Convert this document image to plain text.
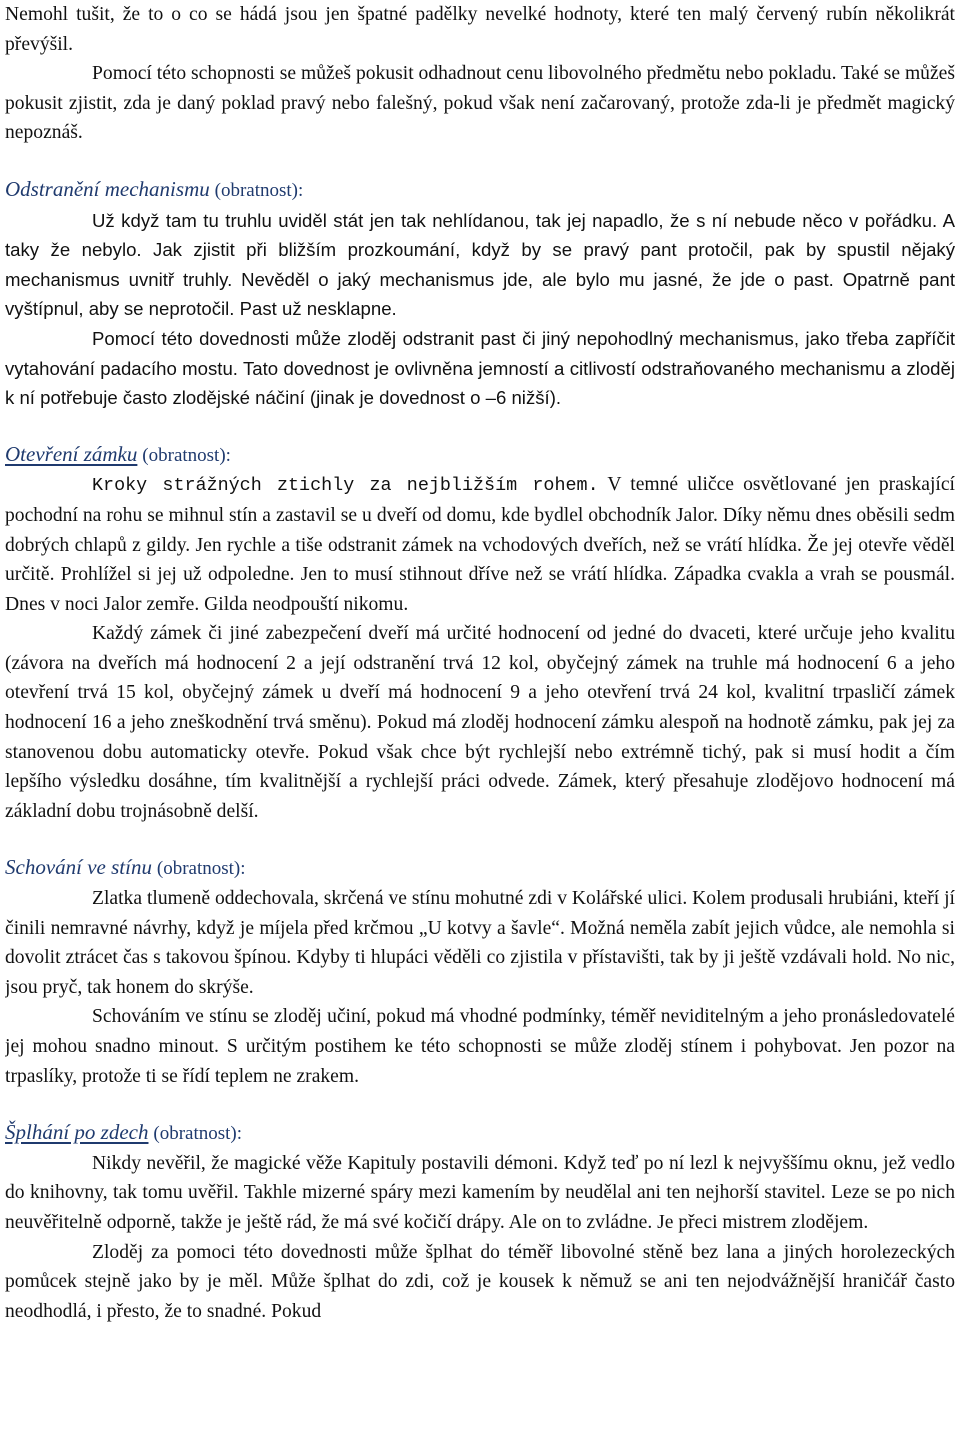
Nemohl tušit, že to o co se hádá jsou jen špatné padělky nevelké hodnoty, které ten malý červený rubín několikrát převýšil.

Pomocí této schopnosti se můžeš pokusit odhadnout cenu libovolného předmětu nebo pokladu. Také se můžeš pokusit zjistit, zda je daný poklad pravý nebo falešný, pokud však není začarovaný, protože zda-li je předmět magický nepoznáš.

Odstranění mechanismu (obratnost):

Už když tam tu truhlu uviděl stát jen tak nehlídanou, tak jej napadlo, že s ní nebude něco v pořádku. A taky že nebylo. Jak zjistit při bližším prozkoumání, když by se pravý pant protočil, pak by spustil nějaký mechanismus uvnitř truhly. Nevěděl o jaký mechanismus jde, ale bylo mu jasné, že jde o past. Opatrně pant vyštípnul, aby se neprotočil. Past už nesklapne.

Pomocí této dovednosti může zloděj odstranit past či jiný nepohodlný mechanismus, jako třeba zapříčit vytahování padacího mostu. Tato dovednost je ovlivněna jemností a citlivostí odstraňovaného mechanismu a zloděj k ní potřebuje často zlodějské náčiní (jinak je dovednost o –6 nižší).

Otevření zámku (obratnost):

Kroky strážných ztichly za nejbližším rohem. V temné uličce osvětlované jen praskající pochodní na rohu se mihnul stín a zastavil se u dveří od domu, kde bydlel obchodník Jalor. Díky němu dnes oběsili sedm dobrých chlapů z gildy. Jen rychle a tiše odstranit zámek na vchodových dveřích, než se vrátí hlídka. Že jej otevře věděl určitě. Prohlížel si jej už odpoledne. Jen to musí stihnout dříve než se vrátí hlídka. Západka cvakla a vrah se pousmál. Dnes v noci Jalor zemře. Gilda neodpouští nikomu.

Každý zámek či jiné zabezpečení dveří má určité hodnocení od jedné do dvaceti, které určuje jeho kvalitu (závora na dveřích má hodnocení 2 a její odstranění trvá 12 kol, obyčejný zámek na truhle má hodnocení 6 a jeho otevření trvá 15 kol, obyčejný zámek u dveří má hodnocení 9 a jeho otevření trvá 24 kol, kvalitní trpasličí zámek hodnocení 16 a jeho zneškodnění trvá směnu). Pokud má zloděj hodnocení zámku alespoň na hodnotě zámku, pak jej za stanovenou dobu automaticky otevře. Pokud však chce být rychlejší nebo extrémně tichý, pak si musí hodit a čím lepšího výsledku dosáhne, tím kvalitnější a rychlejší práci odvede. Zámek, který přesahuje zlodějovo hodnocení má základní dobu trojnásobně delší.

Schování ve stínu (obratnost):

Zlatka tlumeně oddechovala, skrčená ve stínu mohutné zdi v Kolářské ulici. Kolem produsali hrubiáni, kteří jí činili nemravné návrhy, když je míjela před krčmou „U kotvy a šavle“. Možná neměla zabít jejich vůdce, ale nemohla si dovolit ztrácet čas s takovou špínou. Kdyby ti hlupáci věděli co zjistila v přístavišti, tak by ji ještě vzdávali hold. No nic, jsou pryč, tak honem do skrýše.

Schováním ve stínu se zloděj učiní, pokud má vhodné podmínky, téměř neviditelným a jeho pronásledovatelé jej mohou snadno minout. S určitým postihem ke této schopnosti se může zloděj stínem i pohybovat. Jen pozor na trpaslíky, protože ti se řídí teplem ne zrakem.

Šplhání po zdech (obratnost):

Nikdy nevěřil, že magické věže Kapituly postavili démoni. Když teď po ní lezl k nejvyššímu oknu, jež vedlo do knihovny, tak tomu uvěřil. Takhle mizerné spáry mezi kamením by neudělal ani ten nejhorší stavitel. Leze se po nich neuvěřitelně odporně, takže je ještě rád, že má své kočičí drápy. Ale on to zvládne. Je přeci mistrem zlodějem.

Zloděj za pomoci této dovednosti může šplhat do téměř libovolné stěně bez lana a jiných horolezeckých pomůcek stejně jako by je měl. Může šplhat do zdi, což je kousek k němuž se ani ten nejodvážnější hraničář často neodhodlá, i přesto, že to snadné. Pokud
